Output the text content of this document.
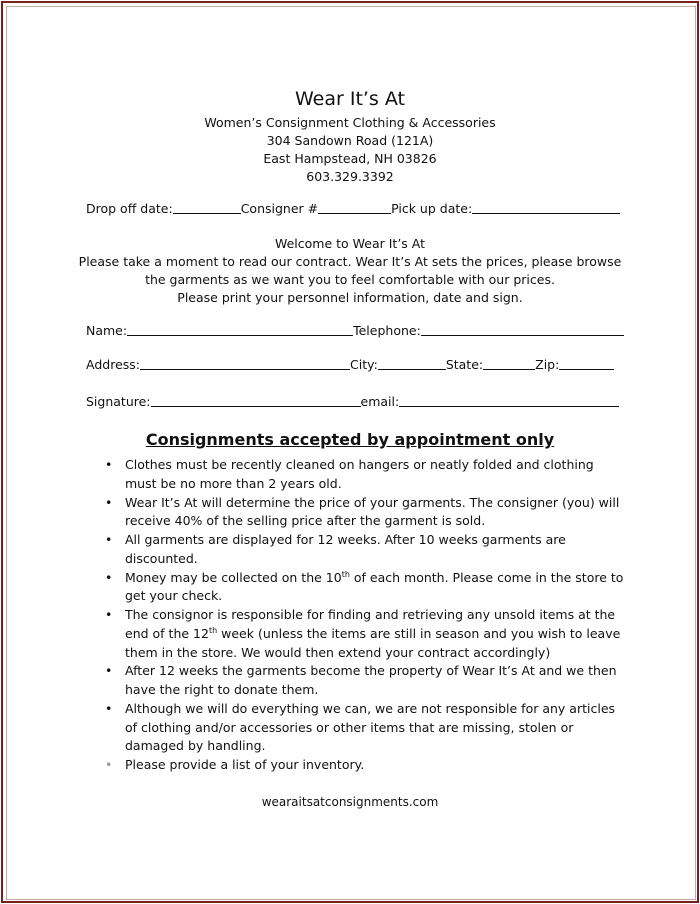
Wear It’s At
Women’s Consignment Clothing & Accessories
304 Sandown Road (121A)
East Hampstead, NH 03826
603.329.3392
Drop off date:	Consigner #	Pick up date:
Welcome to Wear It’s At
Please take a moment to read our contract. Wear It’s At sets the prices, please browse
the garments as we want you to feel comfortable with our prices.
Please print your personnel information, date and sign.
Name:	Telephone:
Address:	City:	State:	Zip:
Signature:	email:
Consignments accepted by appointment only
• Clothes must be recently cleaned on hangers or neatly folded and clothing must be no more than 2 years old.
• Wear It’s At will determine the price of your garments. The consigner (you) will receive 40% of the selling price after the garment is sold.
• All garments are displayed for 12 weeks. After 10 weeks garments are discounted.
• Money may be collected on the 10th of each month. Please come in the store to get your check.
• The consignor is responsible for finding and retrieving any unsold items at the end of the 12th week (unless the items are still in season and you wish to leave them in the store. We would then extend your contract accordingly)
• After 12 weeks the garments become the property of Wear It’s At and we then have the right to donate them.
• Although we will do everything we can, we are not responsible for any articles of clothing and/or accessories or other items that are missing, stolen or damaged by handling.
• Please provide a list of your inventory.
wearaitsatconsignments.com
